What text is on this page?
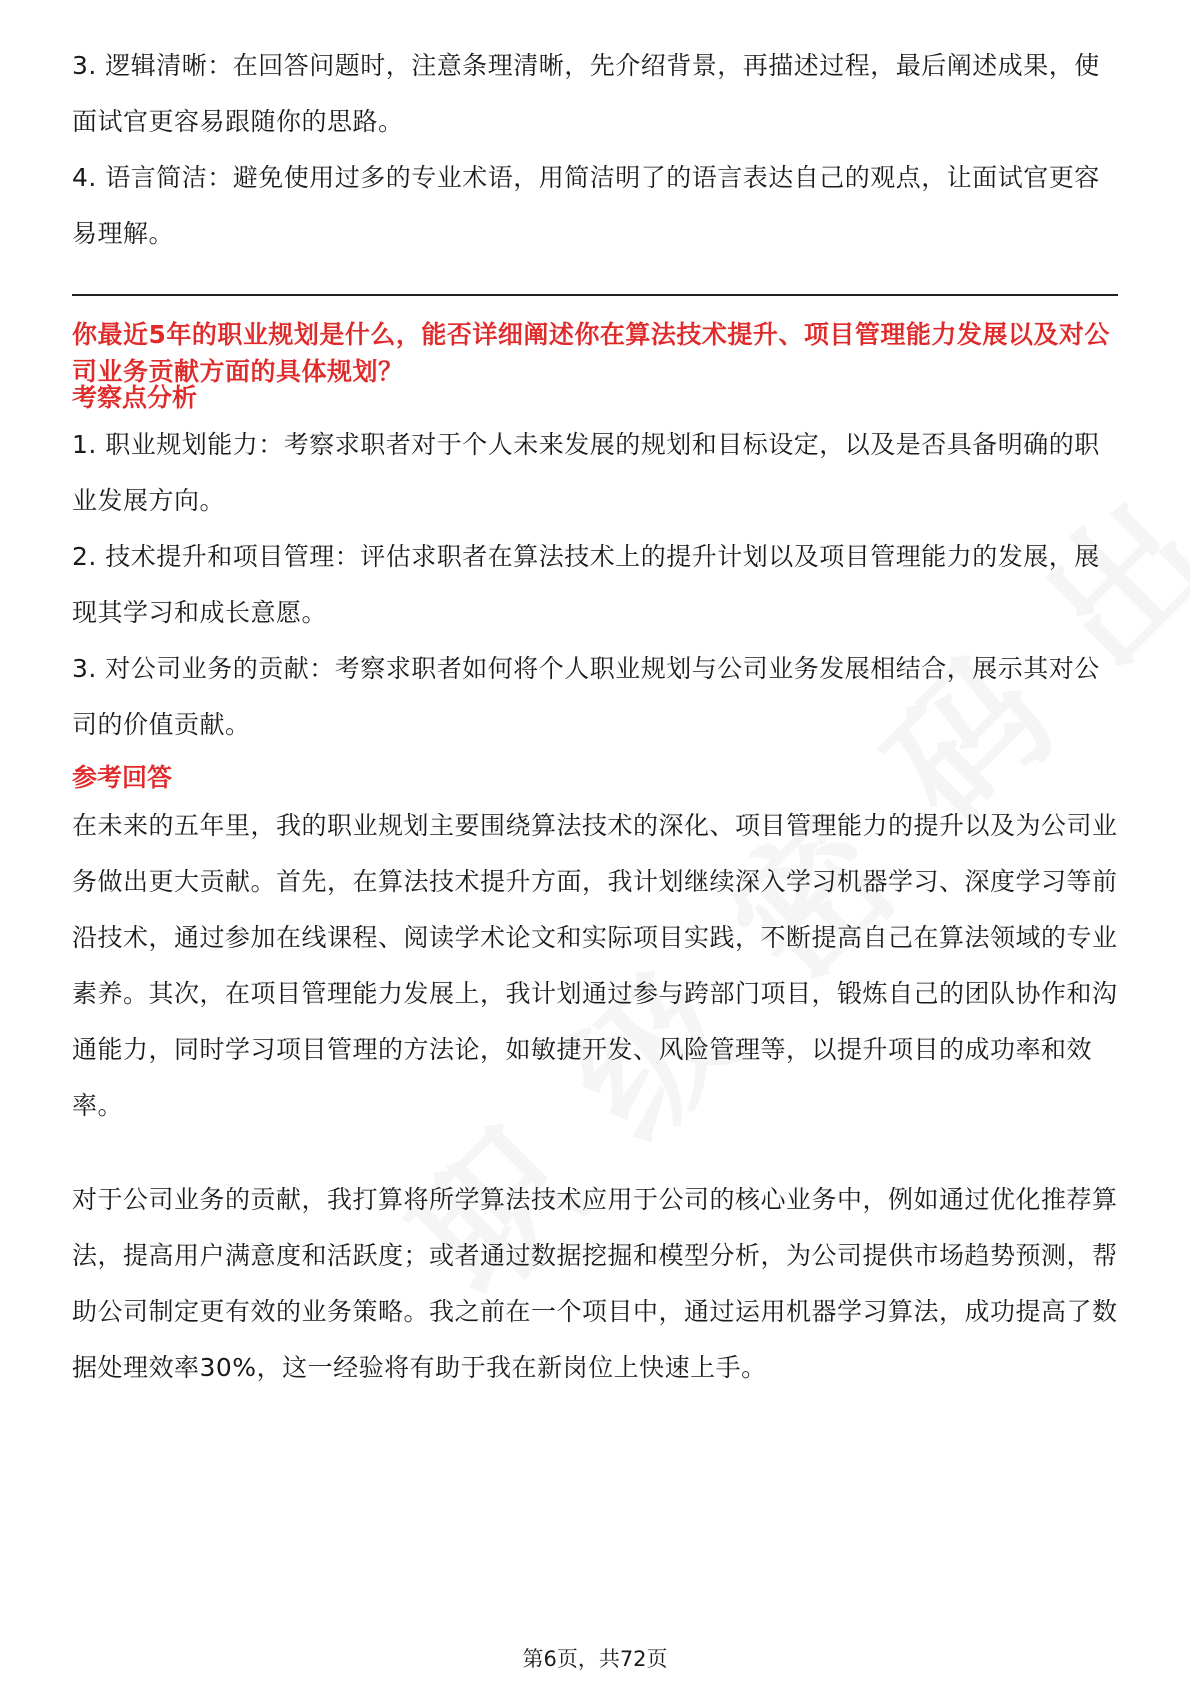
3. 逻辑清晰：在回答问题时，注意条理清晰，先介绍背景，再描述过程，最后阐述成果，使面试官更容易跟随你的思路。

4. 语言简洁：避免使用过多的专业术语，用简洁明了的语言表达自己的观点，让面试官更容易理解。

你最近5年的职业规划是什么，能否详细阐述你在算法技术提升、项目管理能力发展以及对公司业务贡献方面的具体规划？

考察点分析

1. 职业规划能力：考察求职者对于个人未来发展的规划和目标设定，以及是否具备明确的职业发展方向。

2. 技术提升和项目管理：评估求职者在算法技术上的提升计划以及项目管理能力的发展，展现其学习和成长意愿。

3. 对公司业务的贡献：考察求职者如何将个人职业规划与公司业务发展相结合，展示其对公司的价值贡献。

参考回答

在未来的五年里，我的职业规划主要围绕算法技术的深化、项目管理能力的提升以及为公司业务做出更大贡献。首先，在算法技术提升方面，我计划继续深入学习机器学习、深度学习等前沿技术，通过参加在线课程、阅读学术论文和实际项目实践，不断提高自己在算法领域的专业素养。其次，在项目管理能力发展上，我计划通过参与跨部门项目，锻炼自己的团队协作和沟通能力，同时学习项目管理的方法论，如敏捷开发、风险管理等，以提升项目的成功率和效率。

对于公司业务的贡献，我打算将所学算法技术应用于公司的核心业务中，例如通过优化推荐算法，提高用户满意度和活跃度；或者通过数据挖掘和模型分析，为公司提供市场趋势预测，帮助公司制定更有效的业务策略。我之前在一个项目中，通过运用机器学习算法，成功提高了数据处理效率30%，这一经验将有助于我在新岗位上快速上手。

第6页，共72页
